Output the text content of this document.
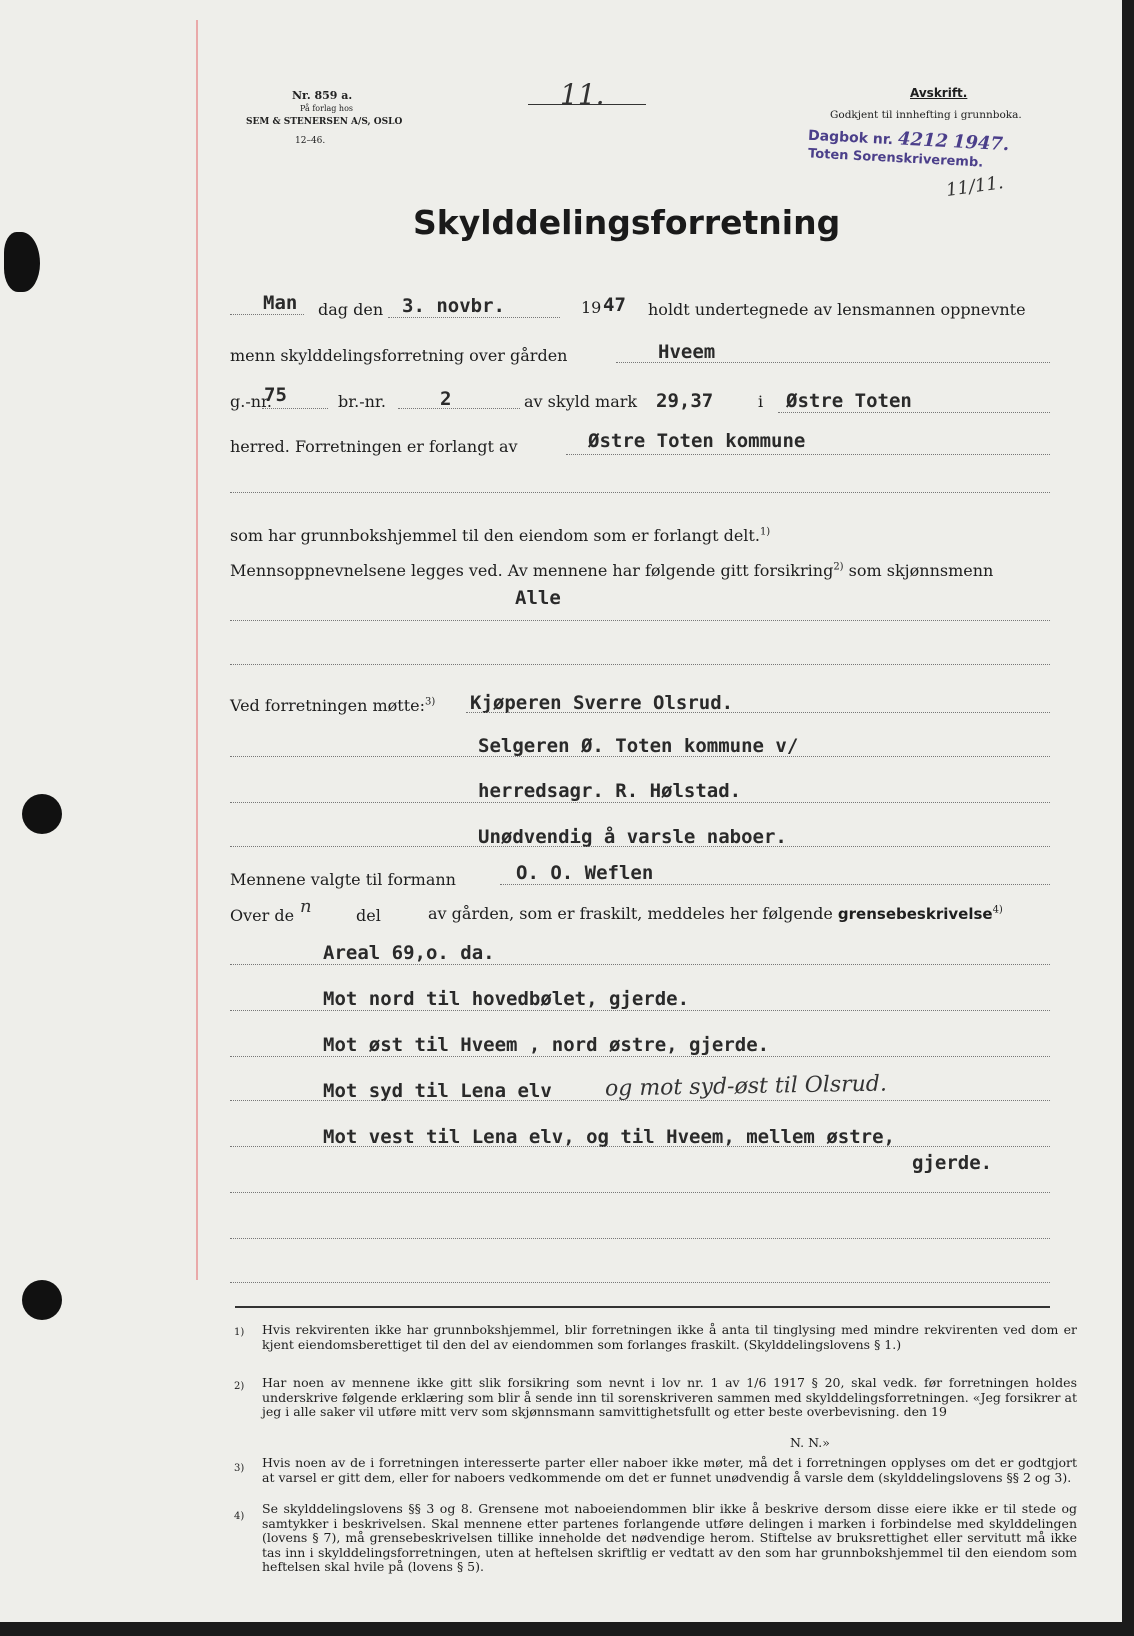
Nr. 859 a.
På forlag hos
SEM & STENERSEN A/S, OSLO
12–46.
11.	Avskrift.
Godkjent til innhefting i grunnboka.
Dagbok nr. 4212 1947.
Toten Sorenskriveremb.
11/11.
Skylddelingsforretning
Man dag den 3. novbr.	19 47 holdt undertegnede av lensmannen oppnevnte
menn skylddelingsforretning over gården	Hveem
g.-nr.
75	br.-nr.	2	av skyld mark 29,37	i Østre Toten
herred. Forretningen er forlangt av	Østre Toten kommune
som har grunnbokshjemmel til den eiendom som er forlangt delt.$^{1)}$
Mennsoppnevnelsene legges ved. Av mennene har følgende gitt forsikring$^{2)}$ som skjønnsmenn
Alle
Ved forretningen møtte:$^{3)}$ Kjøperen Sverre Olsrud.
Selgeren Ø. Toten kommune v/
herredsagr. R. Hølstad.
Unødvendig å varsle naboer.
Mennene valgte til formann	O. O. Weflen
Over de n	del	av gården, som er fraskilt, meddeles her følgende grensebeskrivelse$^{4)}$
Areal 69,o. da.
Mot nord til hovedbølet, gjerde.
Mot øst til Hveem , nord østre, gjerde.
Mot syd til Lena elv og mot syd-øst til Olsrud.
Mot vest til Lena elv, og til Hveem, mellem østre,
gjerde.
1) Hvis rekvirenten ikke har grunnbokshjemmel, blir forretningen ikke å anta til tinglysing med mindre rekvirenten ved dom er kjent eiendomsberettiget til den del av eiendommen som forlanges fraskilt. (Skylddelingslovens § 1.)
2) Har noen av mennene ikke gitt slik forsikring som nevnt i lov nr. 1 av 1/6 1917 § 20, skal vedk. før forretningen holdes underskrive følgende erklæring som blir å sende inn til sorenskriveren sammen med skylddelingsforretningen. «Jeg forsikrer at jeg i alle saker vil utføre mitt verv som skjønnsmann samvittighetsfullt og etter beste overbevisning. den 19
N. N.»
3) Hvis noen av de i forretningen interesserte parter eller naboer ikke møter, må det i forretningen opplyses om det er godtgjort at varsel er gitt dem, eller for naboers vedkommende om det er funnet unødvendig å varsle dem (skylddelingslovens §§ 2 og 3).
4)
Se skylddelingslovens §§ 3 og 8. Grensene mot naboeiendommen blir ikke å beskrive dersom disse eiere ikke er til stede og samtykker i beskrivelsen. Skal mennene etter partenes forlangende utføre delingen i marken i forbindelse med skylddelingen (lovens § 7), må grensebeskrivelsen tillike inneholde det nødvendige herom. Stiftelse av bruksrettighet eller servitutt må ikke tas inn i skylddelingsforretningen, uten at heftelsen skriftlig er vedtatt av den som har grunnbokshjemmel til den eiendom som heftelsen skal hvile på (lovens § 5).
